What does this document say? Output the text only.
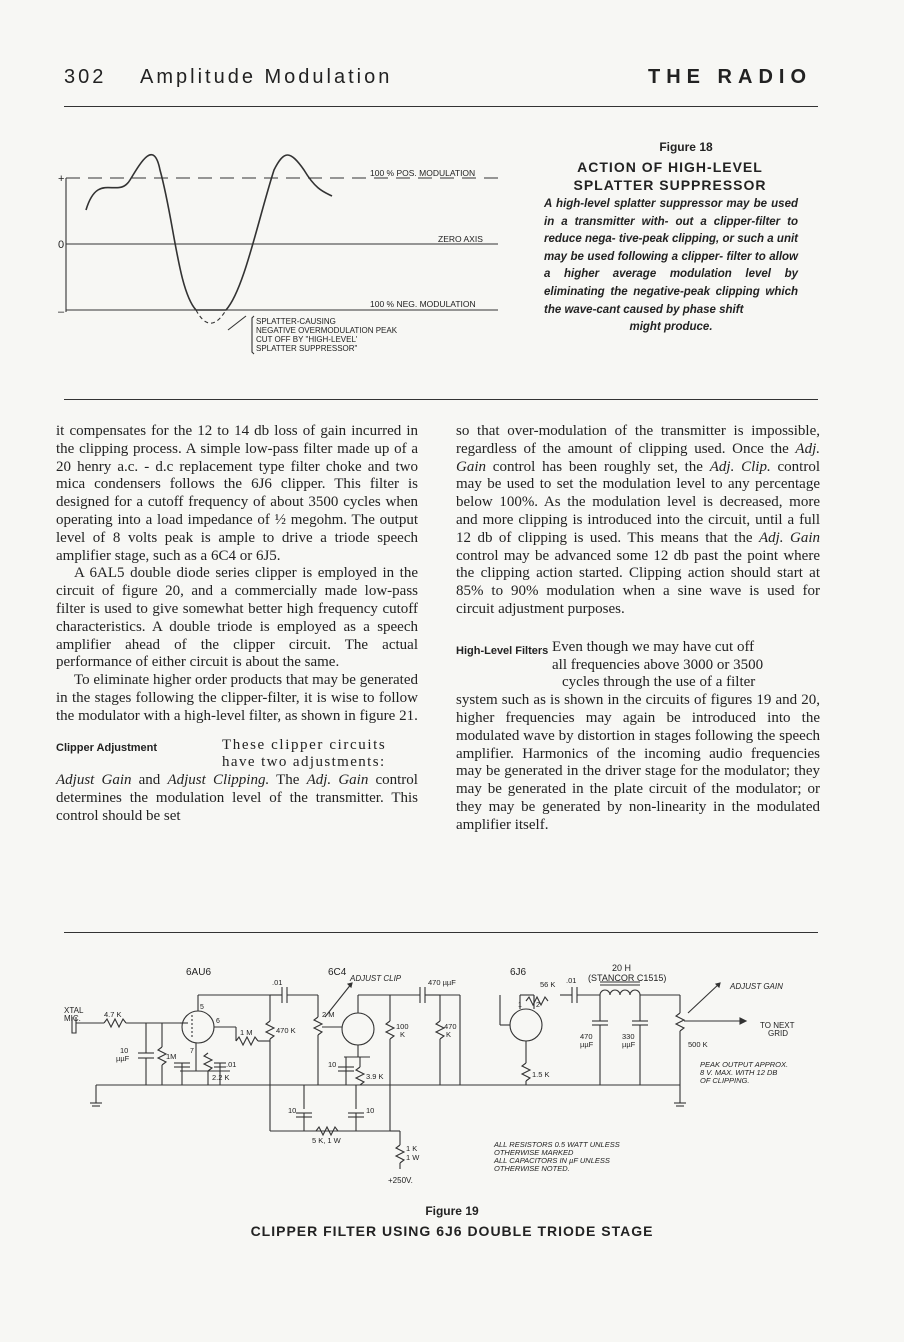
302 Amplitude Modulation	THE RADIO
100 % POS. MODULATION
ZERO AXIS
100 % NEG. MODULATION
+
0
–
SPLATTER-CAUSING
NEGATIVE OVERMODULATION PEAK
CUT OFF BY "HIGH-LEVEL'
SPLATTER SUPPRESSOR"
Figure 18
ACTION OF HIGH-LEVEL
SPLATTER SUPPRESSOR
A high-level splatter suppressor may be used in a transmitter with- out a clipper-filter to reduce nega- tive-peak clipping, or such a unit may be used following a clipper- filter to allow a higher average modulation level by eliminating the negative-peak clipping which the wave-cant caused by phase shift
might produce.

it compensates for the 12 to 14 db loss of gain incurred in the clipping process. A simple low-pass filter made up of a 20 henry a.c. - d.c replacement type filter choke and two mica condensers follows the 6J6 clipper. This filter is designed for a cutoff frequency of about 3500 cycles when operating into a load impedance of ½ megohm. The output level of 8 volts peak is ample to drive a triode speech amplifier stage, such as a 6C4 or 6J5.

A 6AL5 double diode series clipper is employed in the circuit of figure 20, and a commercially made low-pass filter is used to give somewhat better high frequency cutoff characteristics. A double triode is employed as a speech amplifier ahead of the clipper circuit. The actual performance of either circuit is about the same.

To eliminate higher order products that may be generated in the stages following the clipper-filter, it is wise to follow the modulator with a high-level filter, as shown in figure 21.

Clipper Adjustment	These clipper circuits
have two adjustments:

Adjust Gain and Adjust Clipping. The Adj. Gain control determines the modulation level of the transmitter. This control should be set

so that over-modulation of the transmitter is impossible, regardless of the amount of clipping used. Once the Adj. Gain control has been roughly set, the Adj. Clip. control may be used to set the modulation level to any percentage below 100%. As the modulation level is decreased, more and more clipping is introduced into the circuit, until a full 12 db of clipping is used. This means that the Adj. Gain control may be advanced some 12 db past the point where the clipping action started. Clipping action should start at 85% to 90% modulation when a sine wave is used for circuit adjustment purposes.

High-Level Filters Even though we may have cut off
all frequencies above 3000 or 3500
cycles through the use of a filter

system such as is shown in the circuits of figures 19 and 20, higher frequencies may again be introduced into the modulated wave by distortion in stages following the speech amplifier. Harmonics of the incoming audio frequencies may be generated in the driver stage for the modulator; they may be generated in the plate circuit of the modulator; or they may be generated by non-linearity in the modulated amplifier itself.

6AU6	6C4	6J6	20 H
(STANCOR C1515)
ADJUST CLIP
ADJUST GAIN
XTAL
MIC.
TO NEXT
GRID
PEAK OUTPUT APPROX.
8 V. MAX. WITH 12 DB
OF CLIPPING.
ALL RESISTORS 0.5 WATT UNLESS
OTHERWISE MARKED
ALL CAPACITORS IN µF UNLESS
OTHERWISE NOTED.
+250V.
4.7 K
10
µµF	1M
2.2 K
.01
1 M
.01
470 K
2 M
10
3.9 K
100
K
470 µµF
470
K
56 K .01
1.5 K
470
µµF
330
µµF	500 K
10	10
5 K, 1 W
1 K
1 W
5
6
7
1 2
Figure 19
CLIPPER FILTER USING 6J6 DOUBLE TRIODE STAGE
